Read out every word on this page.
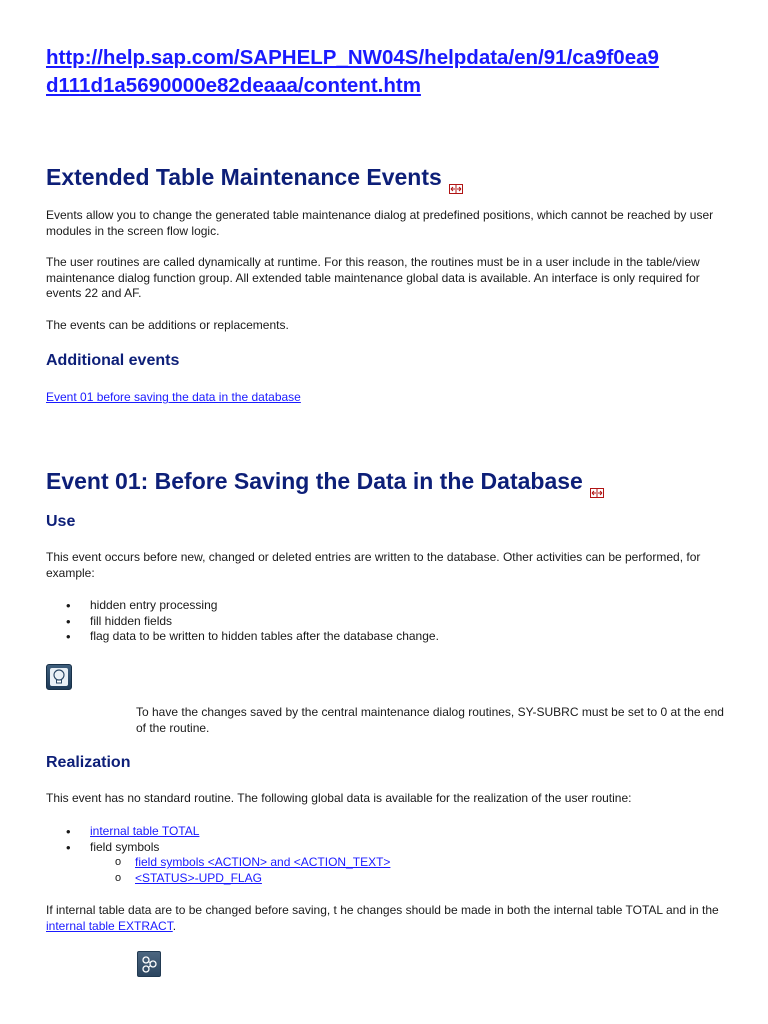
http://help.sap.com/SAPHELP_NW04S/helpdata/en/91/ca9f0ea9
d111d1a5690000e82deaaa/content.htm
Extended Table Maintenance Events
Events allow you to change the generated table maintenance dialog at predefined positions, which cannot be reached by user modules in the screen flow logic.
The user routines are called dynamically at runtime. For this reason, the routines must be in a user include in the table/view maintenance dialog function group. All extended table maintenance global data is available. An interface is only required for events 22 and AF.
The events can be additions or replacements.
Additional events
Event 01 before saving the data in the database
Event 01: Before Saving the Data in the Database
Use
This event occurs before new, changed or deleted entries are written to the database. Other activities can be performed, for example:
• hidden entry processing
• fill hidden fields
• flag data to be written to hidden tables after the database change.
To have the changes saved by the central maintenance dialog routines, SY-SUBRC must be set to 0 at the end of the routine.
Realization
This event has no standard routine. The following global data is available for the realization of the user routine:
• internal table TOTAL
• field symbols
o field symbols <ACTION> and <ACTION_TEXT>
o <STATUS>-UPD_FLAG
If internal table data are to be changed before saving, t he changes should be made in both the internal table TOTAL and in the internal table EXTRACT.
